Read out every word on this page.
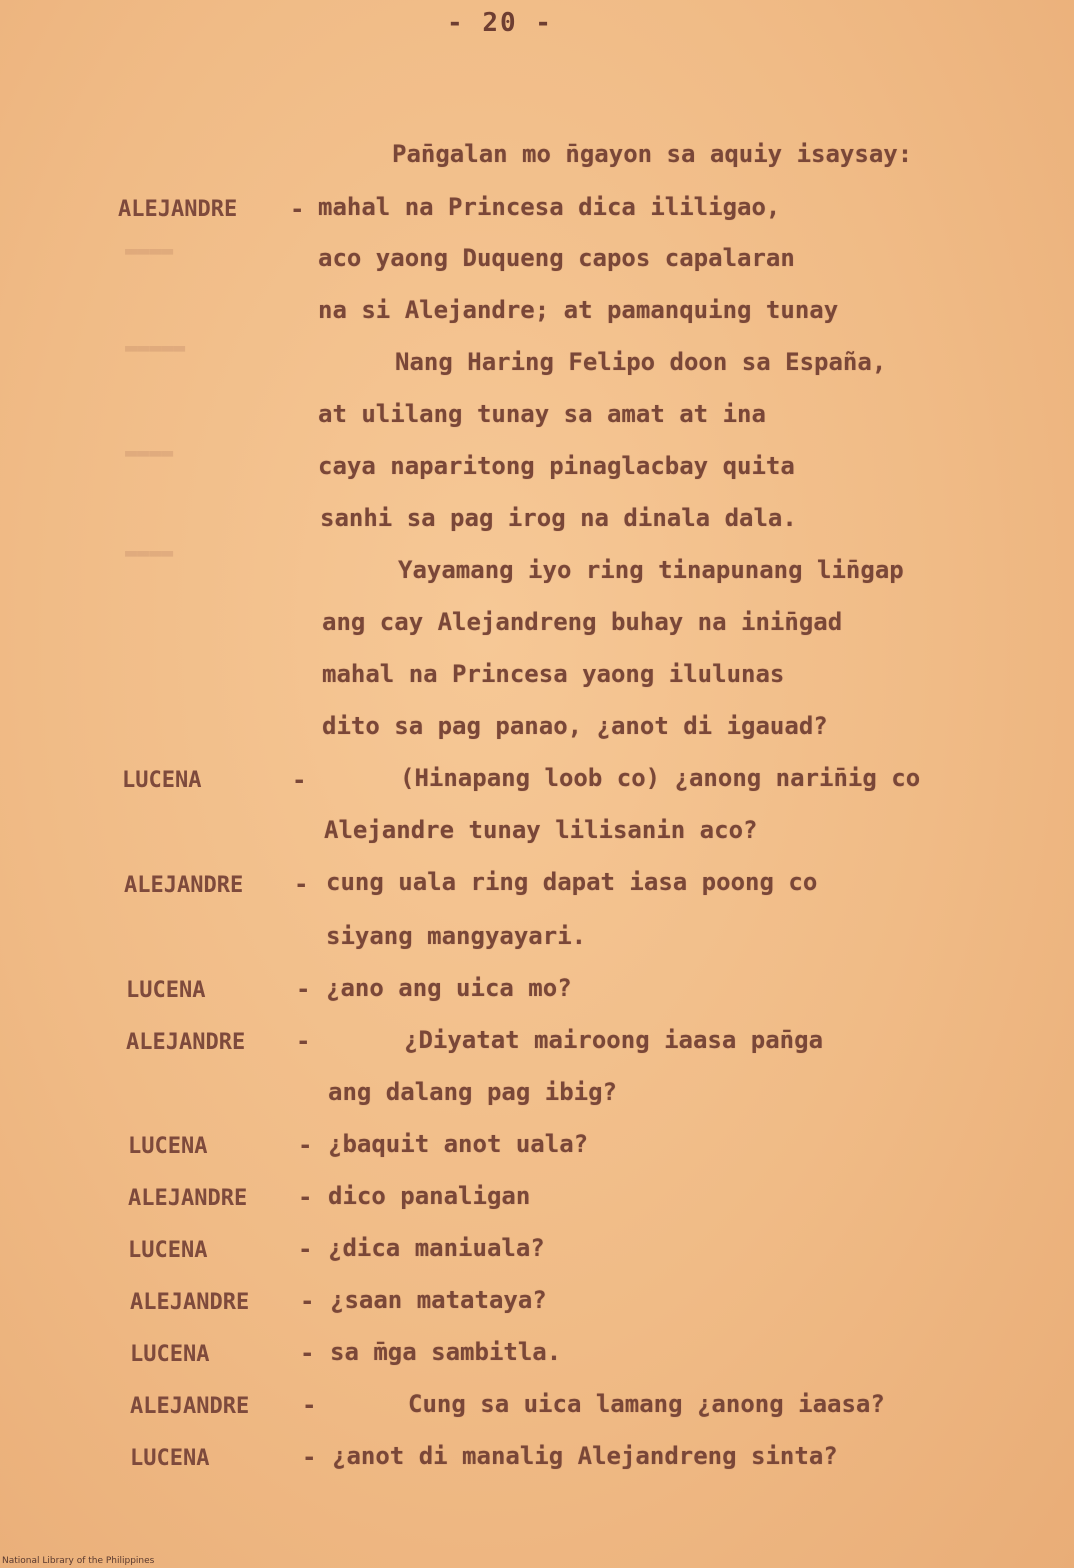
- 20 -
▬▬▬▬
▬▬▬▬▬
▬▬▬▬
▬▬▬▬
Pan̄galan mo n̄gayon sa aquiy isaysay:
ALEJANDRE - mahal na Princesa dica ililigao,
aco yaong Duqueng capos capalaran
na si Alejandre; at pamanquing tunay
Nang Haring Felipo doon sa España,
at ulilang tunay sa amat at ina
caya naparitong pinaglacbay quita
sanhi sa pag irog na dinala dala.
Yayamang iyo ring tinapunang lin̄gap
ang cay Alejandreng buhay na inin̄gad
mahal na Princesa yaong ilulunas
dito sa pag panao, ¿anot di igauad?
LUCENA	-	(Hinapang loob co) ¿anong narin̄ig co
Alejandre tunay lilisanin aco?
ALEJANDRE - cung uala ring dapat iasa poong co
siyang mangyayari.
LUCENA	- ¿ano ang uica mo?
ALEJANDRE -	¿Diyatat mairoong iaasa pan̄ga
ang dalang pag ibig?
LUCENA	- ¿baquit anot uala?
ALEJANDRE - dico panaligan
LUCENA	- ¿dica maniuala?
ALEJANDRE - ¿saan matataya?
LUCENA	- sa m̄ga sambitla.
ALEJANDRE -	Cung sa uica lamang ¿anong iaasa?
LUCENA	- ¿anot di manalig Alejandreng sinta?
National Library of the Philippines
